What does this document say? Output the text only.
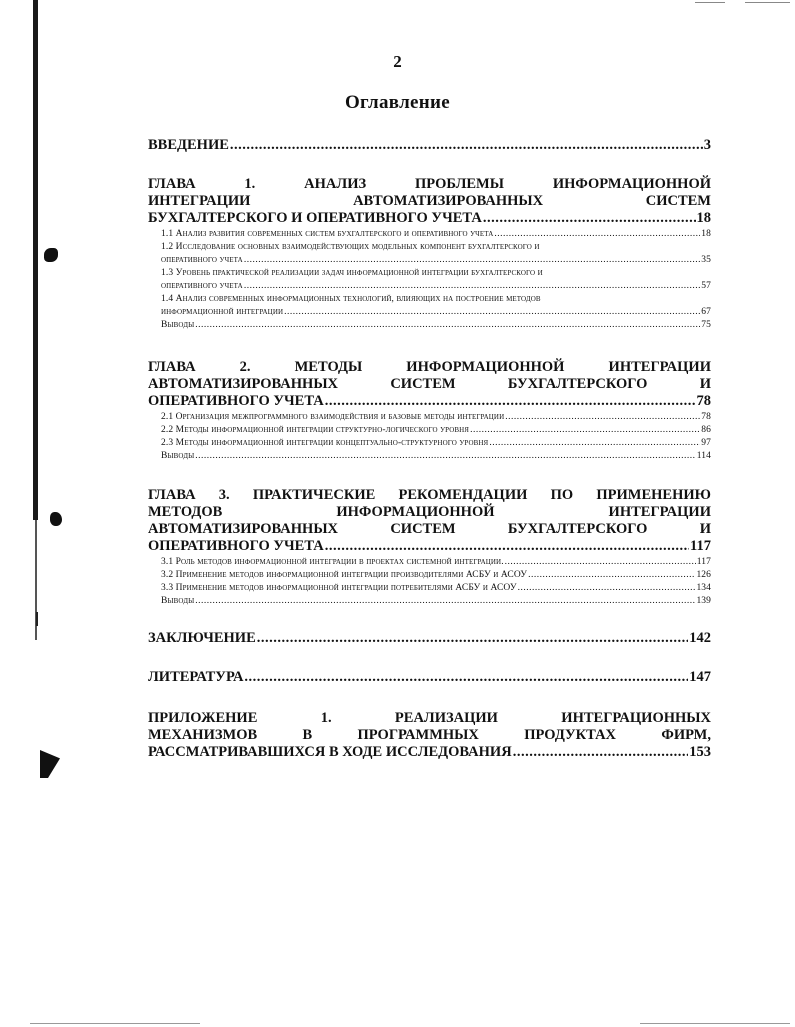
2
Оглавление
ВВЕДЕНИЕ .....	3
ГЛАВА 1. АНАЛИЗ ПРОБЛЕМЫ ИНФОРМАЦИОННОЙ
ИНТЕГРАЦИИ АВТОМАТИЗИРОВАННЫХ СИСТЕМ
БУХГАЛТЕРСКОГО И ОПЕРАТИВНОГО УЧЕТА .....	18
1.1 Анализ развития современных систем бухгалтерского и оперативного учета .....	18
1.2 Исследование основных взаимодействующих модельных компонент бухгалтерского и
оперативного учета .....	35
1.3 Уровень практической реализации задач информационной интеграции бухгалтерского и
оперативного учета .....	57
1.4 Анализ современных информационных технологий, влияющих на построение методов
информационной интеграции .....	67
Выводы .....	75
ГЛАВА 2. МЕТОДЫ ИНФОРМАЦИОННОЙ ИНТЕГРАЦИИ
АВТОМАТИЗИРОВАННЫХ СИСТЕМ БУХГАЛТЕРСКОГО И
ОПЕРАТИВНОГО УЧЕТА .....	78
2.1 Организация межпрограммного взаимодействия и базовые методы интеграции .....	78
2.2 Методы информационной интеграции структурно-логического уровня .....	86
2.3 Методы информационной интеграции концептуально-структурного уровня .....	97
Выводы .....	114
ГЛАВА 3. ПРАКТИЧЕСКИЕ РЕКОМЕНДАЦИИ ПО ПРИМЕНЕНИЮ
МЕТОДОВ ИНФОРМАЦИОННОЙ ИНТЕГРАЦИИ
АВТОМАТИЗИРОВАННЫХ СИСТЕМ БУХГАЛТЕРСКОГО И
ОПЕРАТИВНОГО УЧЕТА .....	117
3.1 Роль методов информационной интеграции в проектах системной интеграции. .....	117
3.2 Применение методов информационной интеграции производителями АСБУ и АСОУ .....	126
3.3 Применение методов информационной интеграции потребителями АСБУ и АСОУ .....	134
Выводы .....	139
ЗАКЛЮЧЕНИЕ .....	142
ЛИТЕРАТУРА .....	147
ПРИЛОЖЕНИЕ 1. РЕАЛИЗАЦИИ ИНТЕГРАЦИОННЫХ
МЕХАНИЗМОВ В ПРОГРАММНЫХ ПРОДУКТАХ ФИРМ,
РАССМАТРИВАВШИХСЯ В ХОДЕ ИССЛЕДОВАНИЯ .....	153
